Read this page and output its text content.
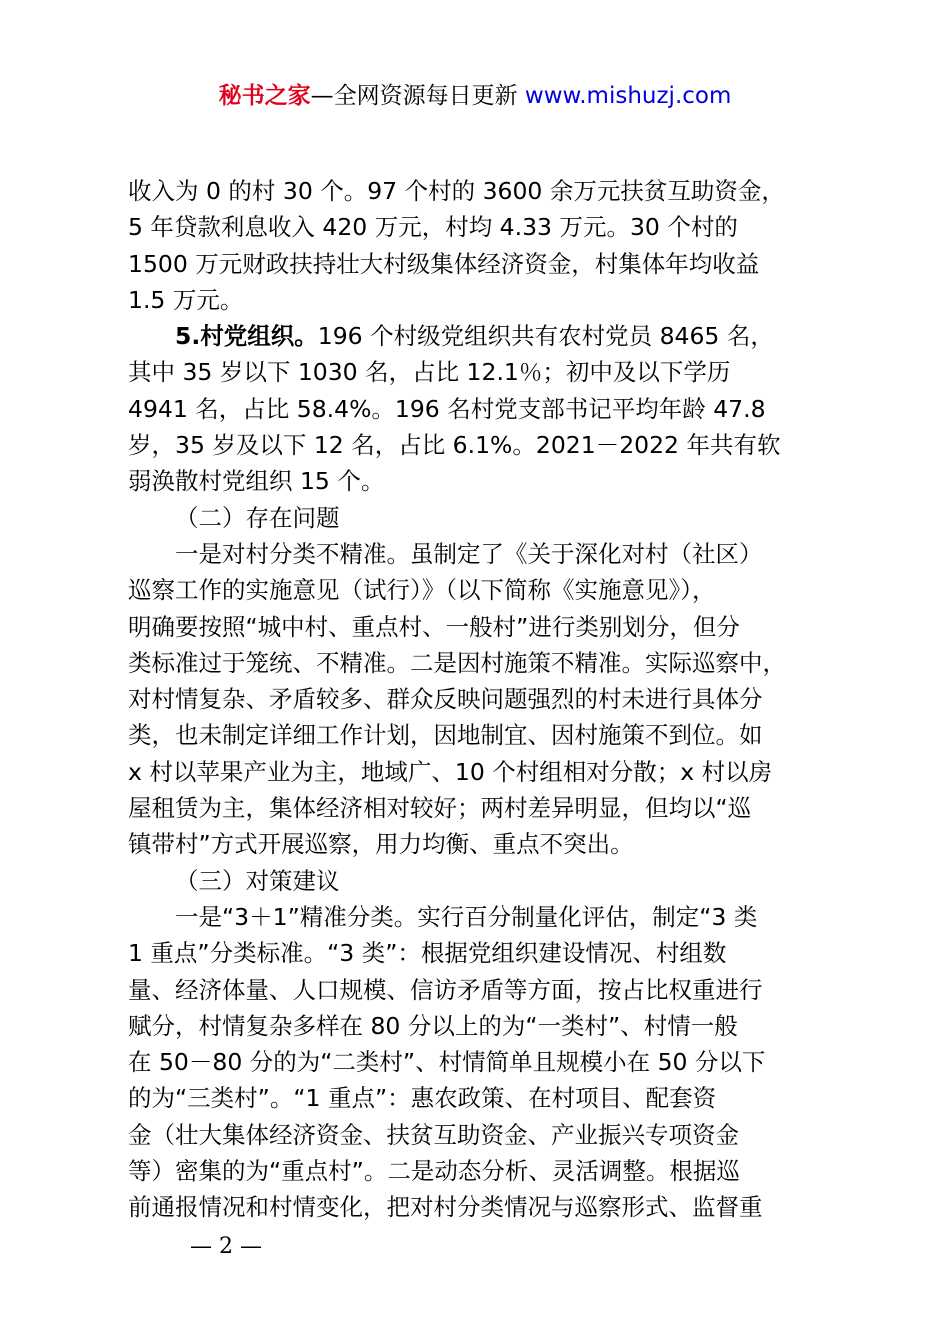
秘书之家—全网资源每日更新 www.mishuzj.com
收入为 0 的村 30 个。97 个村的 3600 余万元扶贫互助资金，
5 年贷款利息收入 420 万元，村均 4.33 万元。30 个村的
1500 万元财政扶持壮大村级集体经济资金，村集体年均收益
1.5 万元。
5.村党组织。196 个村级党组织共有农村党员 8465 名，
其中 35 岁以下 1030 名，占比 12.1％；初中及以下学历
4941 名，占比 58.4%。196 名村党支部书记平均年龄 47.8
岁，35 岁及以下 12 名，占比 6.1%。2021－2022 年共有软
弱涣散村党组织 15 个。
（二）存在问题
一是对村分类不精准。虽制定了《关于深化对村（社区）
巡察工作的实施意见（试行）》（以下简称《实施意见》），
明确要按照“城中村、重点村、一般村”进行类别划分，但分
类标准过于笼统、不精准。二是因村施策不精准。实际巡察中，
对村情复杂、矛盾较多、群众反映问题强烈的村未进行具体分
类，也未制定详细工作计划，因地制宜、因村施策不到位。如
x 村以苹果产业为主，地域广、10 个村组相对分散；x 村以房
屋租赁为主，集体经济相对较好；两村差异明显，但均以“巡
镇带村”方式开展巡察，用力均衡、重点不突出。
（三）对策建议
一是“3＋1”精准分类。实行百分制量化评估，制定“3 类
1 重点”分类标准。“3 类”：根据党组织建设情况、村组数
量、经济体量、人口规模、信访矛盾等方面，按占比权重进行
赋分，村情复杂多样在 80 分以上的为“一类村”、村情一般
在 50－80 分的为“二类村”、村情简单且规模小在 50 分以下
的为“三类村”。“1 重点”：惠农政策、在村项目、配套资
金（壮大集体经济资金、扶贫互助资金、产业振兴专项资金
等）密集的为“重点村”。二是动态分析、灵活调整。根据巡
前通报情况和村情变化，把对村分类情况与巡察形式、监督重
— 2 —
